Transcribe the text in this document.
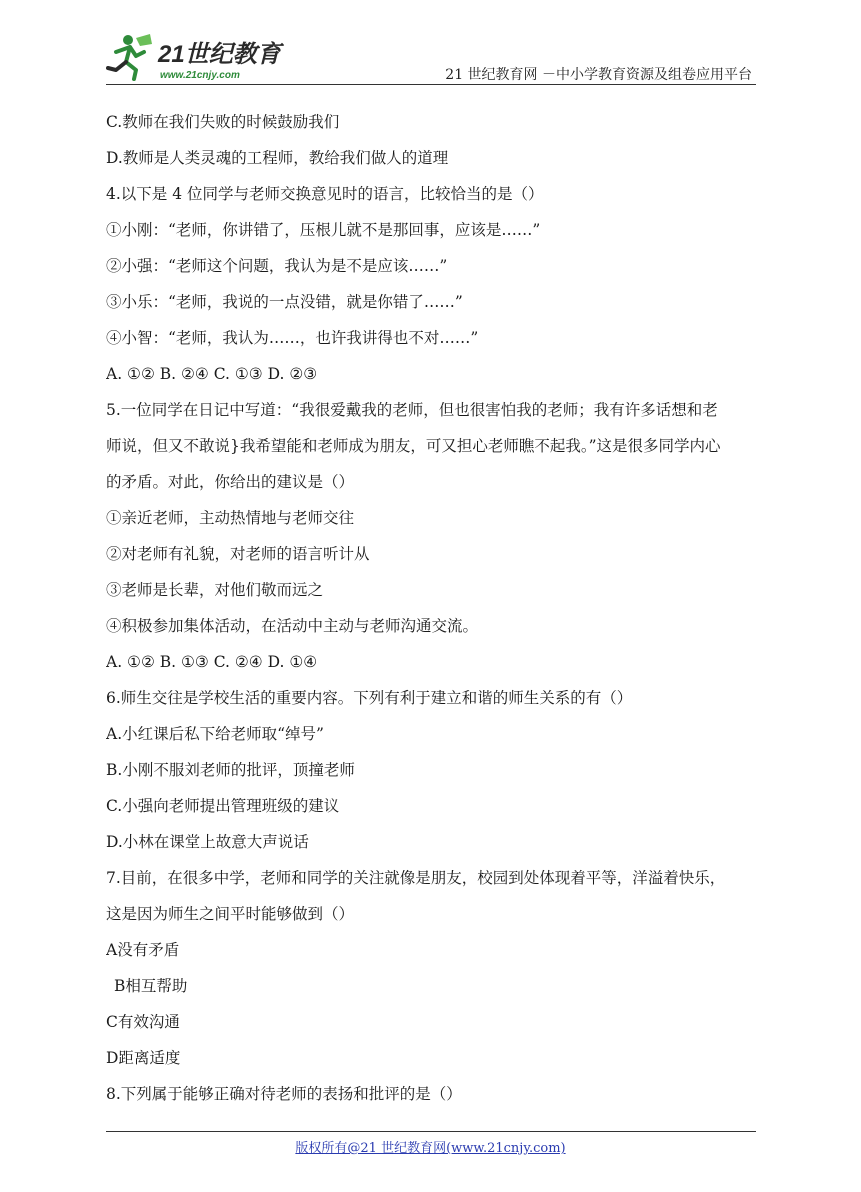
21世纪教育
www.21cnjy.com	21 世纪教育网 －中小学教育资源及组卷应用平台
C.教师在我们失败的时候鼓励我们
D.教师是人类灵魂的工程师，教给我们做人的道理
4.以下是 4 位同学与老师交换意见时的语言，比较恰当的是（）
①小刚：“老师，你讲错了，压根儿就不是那回事，应该是……”
②小强：“老师这个问题，我认为是不是应该……”
③小乐：“老师，我说的一点没错，就是你错了……”
④小智：“老师，我认为……，也许我讲得也不对……”
A. ①② B. ②④ C. ①③ D. ②③
5.一位同学在日记中写道：“我很爱戴我的老师，但也很害怕我的老师；我有许多话想和老
师说，但又不敢说}我希望能和老师成为朋友，可又担心老师瞧不起我。”这是很多同学内心
的矛盾。对此，你给出的建议是（）
①亲近老师，主动热情地与老师交往
②对老师有礼貌，对老师的语言听计从
③老师是长辈，对他们敬而远之
④积极参加集体活动，在活动中主动与老师沟通交流。
A. ①② B. ①③ C. ②④ D. ①④
6.师生交往是学校生活的重要内容。下列有利于建立和谐的师生关系的有（）
A.小红课后私下给老师取“绰号”
B.小刚不服刘老师的批评，顶撞老师
C.小强向老师提出管理班级的建议
D.小林在课堂上故意大声说话
7.目前，在很多中学，老师和同学的关注就像是朋友，校园到处体现着平等，洋溢着快乐，
这是因为师生之间平时能够做到（）
A没有矛盾
B相互帮助
C有效沟通
D距离适度
8.下列属于能够正确对待老师的表扬和批评的是（）
版权所有@21 世纪教育网(www.21cnjy.com)
